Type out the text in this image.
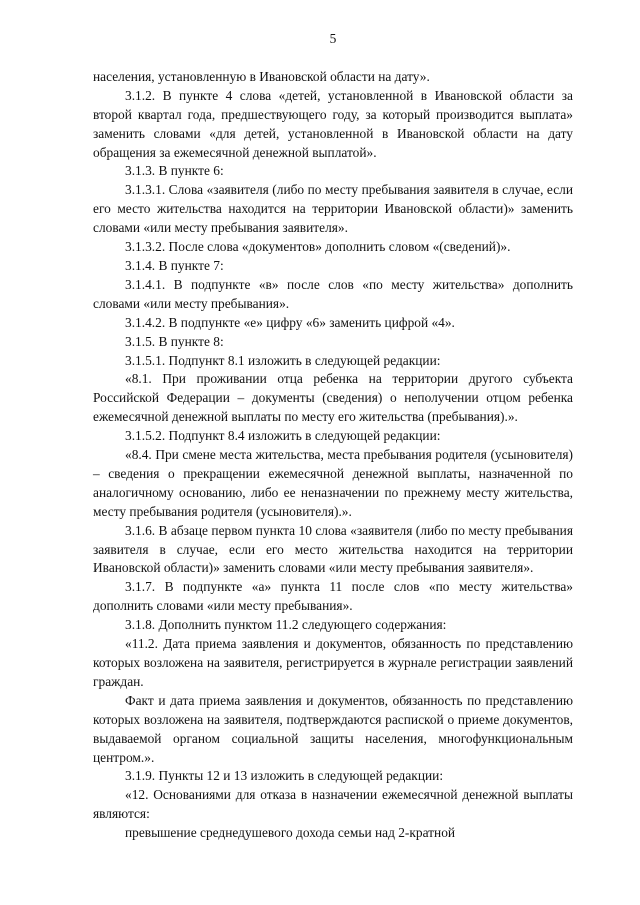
5

населения, установленную в Ивановской области на дату».

3.1.2. В пункте 4 слова «детей, установленной в Ивановской области за второй квартал года, предшествующего году, за который производится выплата» заменить словами «для детей, установленной в Ивановской области на дату обращения за ежемесячной денежной выплатой».

3.1.3. В пункте 6:

3.1.3.1. Слова «заявителя (либо по месту пребывания заявителя в случае, если его место жительства находится на территории Ивановской области)» заменить словами «или месту пребывания заявителя».

3.1.3.2. После слова «документов» дополнить словом «(сведений)».

3.1.4. В пункте 7:

3.1.4.1. В подпункте «в» после слов «по месту жительства» дополнить словами «или месту пребывания».

3.1.4.2. В подпункте «е» цифру «6» заменить цифрой «4».

3.1.5. В пункте 8:

3.1.5.1. Подпункт 8.1 изложить в следующей редакции:

«8.1. При проживании отца ребенка на территории другого субъекта Российской Федерации – документы (сведения) о неполучении отцом ребенка ежемесячной денежной выплаты по месту его жительства (пребывания).».

3.1.5.2. Подпункт 8.4 изложить в следующей редакции:

«8.4. При смене места жительства, места пребывания родителя (усыновителя) – сведения о прекращении ежемесячной денежной выплаты, назначенной по аналогичному основанию, либо ее неназначении по прежнему месту жительства, месту пребывания родителя (усыновителя).».

3.1.6. В абзаце первом пункта 10 слова «заявителя (либо по месту пребывания заявителя в случае, если его место жительства находится на территории Ивановской области)» заменить словами «или месту пребывания заявителя».

3.1.7. В подпункте «а» пункта 11 после слов «по месту жительства» дополнить словами «или месту пребывания».

3.1.8. Дополнить пунктом 11.2 следующего содержания:

«11.2. Дата приема заявления и документов, обязанность по представлению которых возложена на заявителя, регистрируется в журнале регистрации заявлений граждан.

Факт и дата приема заявления и документов, обязанность по представлению которых возложена на заявителя, подтверждаются распиской о приеме документов, выдаваемой органом социальной защиты населения, многофункциональным центром.».

3.1.9. Пункты 12 и 13 изложить в следующей редакции:

«12. Основаниями для отказа в назначении ежемесячной денежной выплаты являются:

превышение среднедушевого дохода семьи над 2-кратной
